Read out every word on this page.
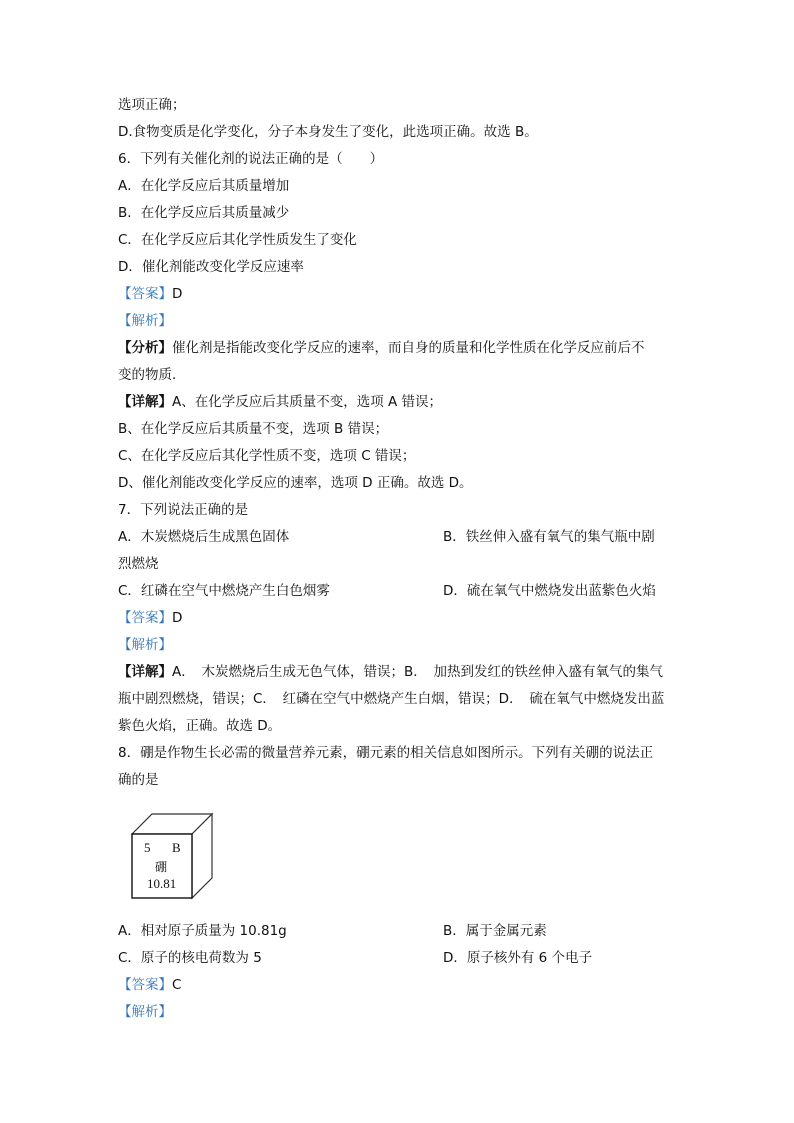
选项正确；
D.食物变质是化学变化，分子本身发生了变化，此选项正确。故选 B。
6．下列有关催化剂的说法正确的是（　　）
A．在化学反应后其质量增加
B．在化学反应后其质量减少
C．在化学反应后其化学性质发生了变化
D．催化剂能改变化学反应速率
【答案】D
【解析】
【分析】催化剂是指能改变化学反应的速率，而自身的质量和化学性质在化学反应前后不
变的物质．
【详解】A、在化学反应后其质量不变，选项 A 错误；
B、在化学反应后其质量不变，选项 B 错误；
C、在化学反应后其化学性质不变，选项 C 错误；
D、催化剂能改变化学反应的速率，选项 D 正确。故选 D。
7．下列说法正确的是
A．木炭燃烧后生成黑色固体	B．铁丝伸入盛有氧气的集气瓶中剧
烈燃烧
C．红磷在空气中燃烧产生白色烟雾	D．硫在氧气中燃烧发出蓝紫色火焰
【答案】D
【解析】
【详解】A．　木炭燃烧后生成无色气体，错误；B．　加热到发红的铁丝伸入盛有氧气的集气
瓶中剧烈燃烧，错误；C．　红磷在空气中燃烧产生白烟，错误；D．　硫在氧气中燃烧发出蓝
紫色火焰，正确。故选 D。
8．硼是作物生长必需的微量营养元素，硼元素的相关信息如图所示。下列有关硼的说法正
确的是
5 B
硼
10.81
A．相对原子质量为 10.81g	B．属于金属元素
C．原子的核电荷数为 5	D．原子核外有 6 个电子
【答案】C
【解析】
